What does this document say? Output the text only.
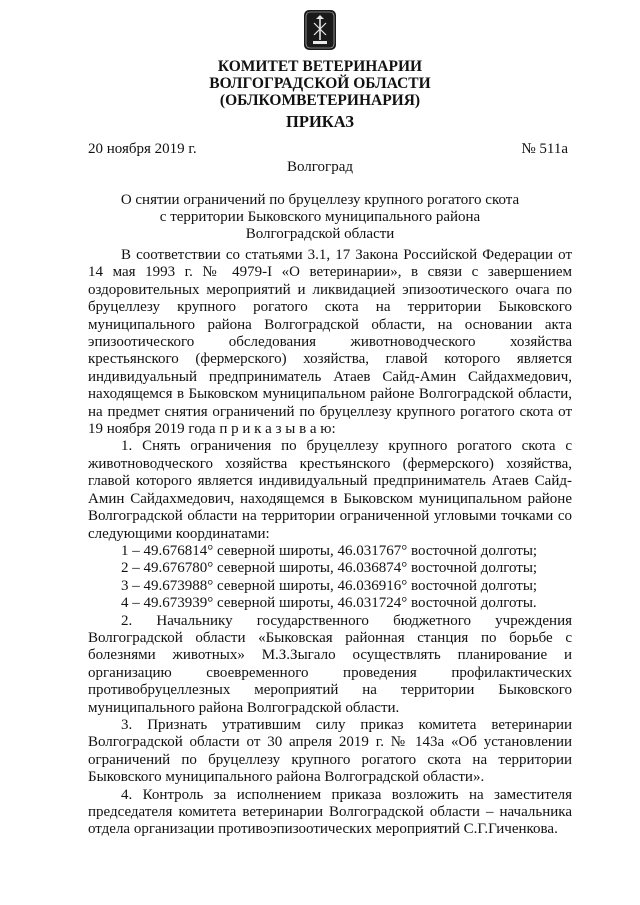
КОМИТЕТ ВЕТЕРИНАРИИ
ВОЛГОГРАДСКОЙ ОБЛАСТИ
(ОБЛКОМВЕТЕРИНАРИЯ)
ПРИКАЗ
20 ноября 2019 г.	№ 511а
Волгоград
О снятии ограничений по бруцеллезу крупного рогатого скота
с территории Быковского муниципального района
Волгоградской области

В соответствии со статьями 3.1, 17 Закона Российской Федерации от 14 мая 1993 г. № 4979-I «О ветеринарии», в связи с завершением оздоровительных мероприятий и ликвидацией эпизоотического очага по бруцеллезу крупного рогатого скота на территории Быковского муниципального района Волгоградской области, на основании акта эпизоотического обследования животноводческого хозяйства крестьянского (фермерского) хозяйства, главой которого является индивидуальный предприниматель Атаев Сайд-Амин Сайдахмедович, находящемся в Быковском муниципальном районе Волгоградской области, на предмет снятия ограничений по бруцеллезу крупного рогатого скота от 19 ноября 2019 года п р и к а з ы в а ю:

1. Снять ограничения по бруцеллезу крупного рогатого скота с животноводческого хозяйства крестьянского (фермерского) хозяйства, главой которого является индивидуальный предприниматель Атаев Сайд-Амин Сайдахмедович, находящемся в Быковском муниципальном районе Волгоградской области на территории ограниченной угловыми точками со следующими координатами:

1 – 49.676814° северной широты, 46.031767° восточной долготы;

2 – 49.676780° северной широты, 46.036874° восточной долготы;

3 – 49.673988° северной широты, 46.036916° восточной долготы;

4 – 49.673939° северной широты, 46.031724° восточной долготы.

2. Начальнику государственного бюджетного учреждения Волгоградской области «Быковская районная станция по борьбе с болезнями животных» М.З.Зыгало осуществлять планирование и организацию своевременного проведения профилактических противобруцеллезных мероприятий на территории Быковского муниципального района Волгоградской области.

3. Признать утратившим силу приказ комитета ветеринарии Волгоградской области от 30 апреля 2019 г. № 143а «Об установлении ограничений по бруцеллезу крупного рогатого скота на территории Быковского муниципального района Волгоградской области».

4. Контроль за исполнением приказа возложить на заместителя председателя комитета ветеринарии Волгоградской области – начальника отдела организации противоэпизоотических мероприятий С.Г.Гиченкова.
